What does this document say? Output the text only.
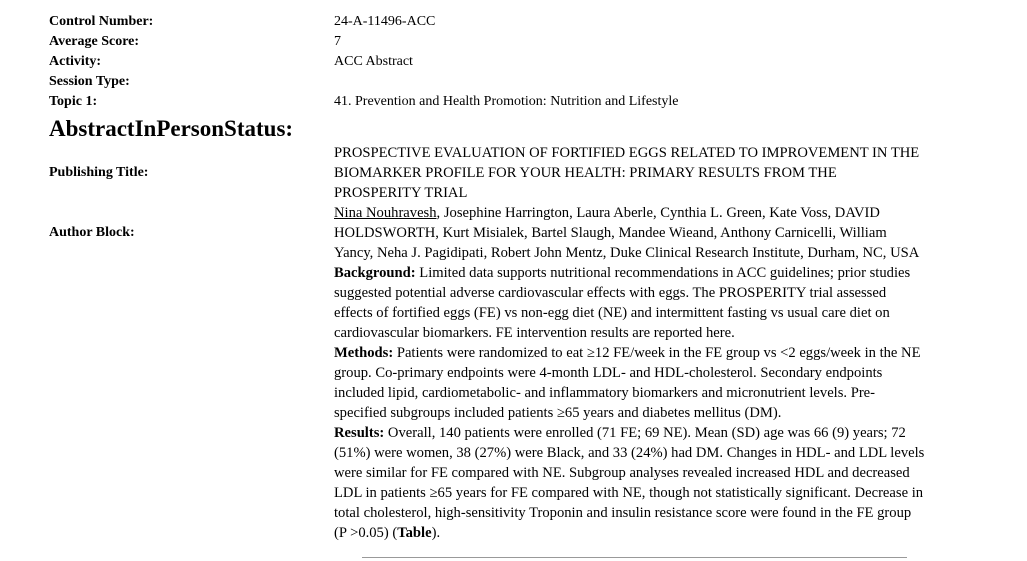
Control Number:	24-A-11496-ACC
Average Score:	7
Activity:	ACC Abstract
Session Type:
Topic 1:	41. Prevention and Health Promotion: Nutrition and Lifestyle
AbstractInPersonStatus:
Publishing Title:
PROSPECTIVE EVALUATION OF FORTIFIED EGGS RELATED TO IMPROVEMENT IN THE
BIOMARKER PROFILE FOR YOUR HEALTH: PRIMARY RESULTS FROM THE
PROSPERITY TRIAL
Author Block:
Nina Nouhravesh, Josephine Harrington, Laura Aberle, Cynthia L. Green, Kate Voss, DAVID
HOLDSWORTH, Kurt Misialek, Bartel Slaugh, Mandee Wieand, Anthony Carnicelli, William
Yancy, Neha J. Pagidipati, Robert John Mentz, Duke Clinical Research Institute, Durham, NC, USA
Background: Limited data supports nutritional recommendations in ACC guidelines; prior studies
suggested potential adverse cardiovascular effects with eggs. The PROSPERITY trial assessed
effects of fortified eggs (FE) vs non-egg diet (NE) and intermittent fasting vs usual care diet on
cardiovascular biomarkers. FE intervention results are reported here.
Methods: Patients were randomized to eat ≥12 FE/week in the FE group vs <2 eggs/week in the NE
group. Co-primary endpoints were 4-month LDL- and HDL-cholesterol. Secondary endpoints
included lipid, cardiometabolic- and inflammatory biomarkers and micronutrient levels. Pre-
specified subgroups included patients ≥65 years and diabetes mellitus (DM).
Results: Overall, 140 patients were enrolled (71 FE; 69 NE). Mean (SD) age was 66 (9) years; 72
(51%) were women, 38 (27%) were Black, and 33 (24%) had DM. Changes in HDL- and LDL levels
were similar for FE compared with NE. Subgroup analyses revealed increased HDL and decreased
LDL in patients ≥65 years for FE compared with NE, though not statistically significant. Decrease in
total cholesterol, high-sensitivity Troponin and insulin resistance score were found in the FE group
(P >0.05) (Table).
